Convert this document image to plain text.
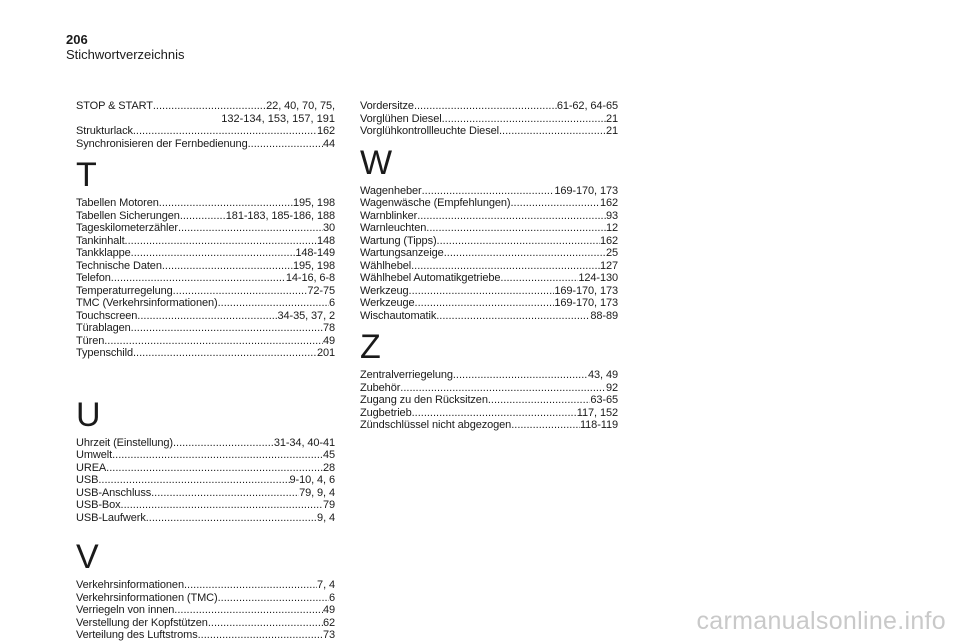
206
Stichwortverzeichnis
STOP & START .....	22, 40, 70, 75,
132-134, 153, 157, 191
Strukturlack .....	162
Synchronisieren der Fernbedienung .....	44
T
Tabellen Motoren .....	195, 198
Tabellen Sicherungen .....	181-183, 185-186, 188
Tageskilometerzähler .....	30
Tankinhalt .....	148
Tankklappe .....	148-149
Technische Daten .....	195, 198
Telefon .....	14-16, 6-8
Temperaturregelung .....	72-75
TMC (Verkehrsinformationen) .....	6
Touchscreen .....	34-35, 37, 2
Türablagen .....	78
Türen .....	49
Typenschild .....	201
U
Uhrzeit (Einstellung) .....	31-34, 40-41
Umwelt .....	45
UREA .....	28
USB .....	9-10, 4, 6
USB-Anschluss .....	79, 9, 4
USB-Box .....	79
USB-Laufwerk .....	9, 4
V
Verkehrsinformationen .....	7, 4
Verkehrsinformationen (TMC) .....	6
Verriegeln von innen .....	49
Verstellung der Kopfstützen .....	62
Verteilung des Luftstroms .....	73
Vordersitze .....	61-62, 64-65
Vorglühen Diesel .....	21
Vorglühkontrollleuchte Diesel .....	21
W
Wagenheber .....	169-170, 173
Wagenwäsche (Empfehlungen) .....	162
Warnblinker .....	93
Warnleuchten .....	12
Wartung (Tipps) .....	162
Wartungsanzeige .....	25
Wählhebel .....	127
Wählhebel Automatikgetriebe .....	124-130
Werkzeug .....	169-170, 173
Werkzeuge .....	169-170, 173
Wischautomatik .....	88-89
Z
Zentralverriegelung .....	43, 49
Zubehör .....	92
Zugang zu den Rücksitzen .....	63-65
Zugbetrieb .....	117, 152
Zündschlüssel nicht abgezogen .....	118-119
carmanualsonline.info
